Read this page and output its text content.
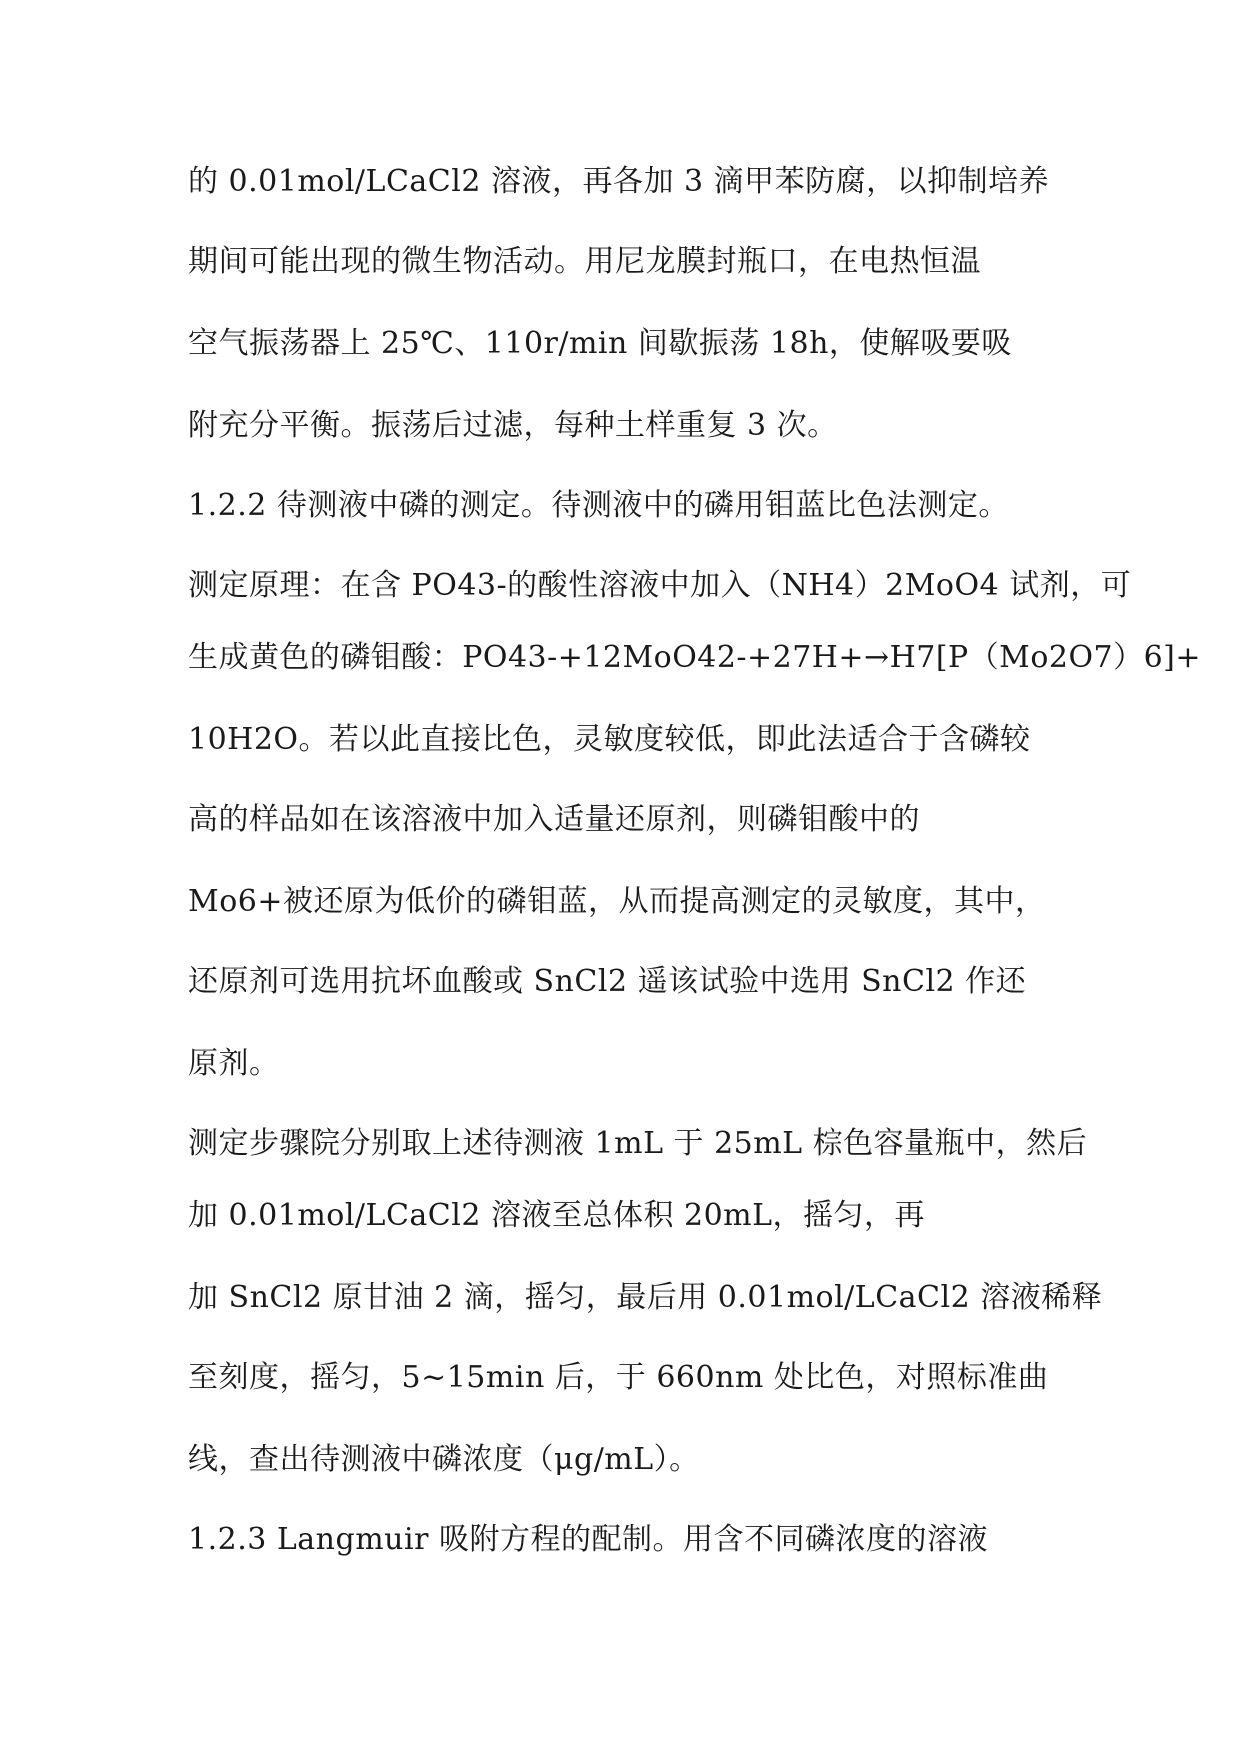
的 0.01mol/LCaCl2 溶液，再各加 3 滴甲苯防腐，以抑制培养
期间可能出现的微生物活动。用尼龙膜封瓶口，在电热恒温
空气振荡器上 25℃、110r/min 间歇振荡 18h，使解吸要吸
附充分平衡。振荡后过滤，每种土样重复 3 次。
1.2.2 待测液中磷的测定。待测液中的磷用钼蓝比色法测定。
测定原理：在含 PO43-的酸性溶液中加入（NH4）2MoO4 试剂，可
生成黄色的磷钼酸：PO43-+12MoO42-+27H+→H7[P（Mo2O7）6]+
10H2O。若以此直接比色，灵敏度较低，即此法适合于含磷较
高的样品如在该溶液中加入适量还原剂，则磷钼酸中的
Mo6+被还原为低价的磷钼蓝，从而提高测定的灵敏度，其中，
还原剂可选用抗坏血酸或 SnCl2 遥该试验中选用 SnCl2 作还
原剂。
测定步骤院分别取上述待测液 1mL 于 25mL 棕色容量瓶中，然后
加 0.01mol/LCaCl2 溶液至总体积 20mL，摇匀，再
加 SnCl2 原甘油 2 滴，摇匀，最后用 0.01mol/LCaCl2 溶液稀释
至刻度，摇匀，5~15min 后，于 660nm 处比色，对照标准曲
线，查出待测液中磷浓度（μg/mL）。
1.2.3 Langmuir 吸附方程的配制。用含不同磷浓度的溶液
